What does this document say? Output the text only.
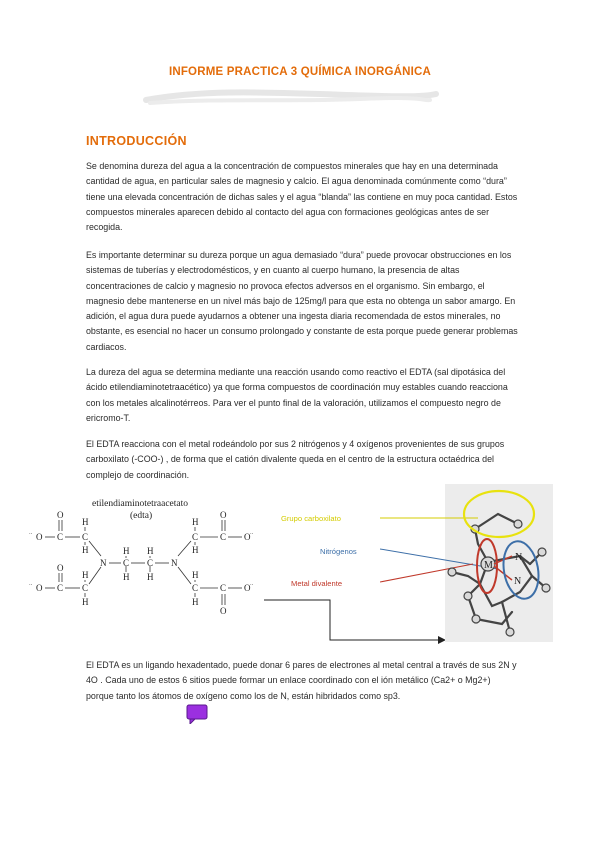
INFORME PRACTICA 3 QUÍMICA INORGÁNICA
INTRODUCCIÓN

Se denomina dureza del agua a la concentración de compuestos minerales que hay en una determinada cantidad de agua, en particular sales de magnesio y calcio. El agua denominada comúnmente como “dura” tiene una elevada concentración de dichas sales y el agua “blanda” las contiene en muy poca cantidad. Estos compuestos minerales aparecen debido al contacto del agua con formaciones geológicas antes de ser recogida.

Es importante determinar su dureza porque un agua demasiado “dura” puede provocar obstrucciones en los sistemas de tuberías y electrodomésticos, y en cuanto al cuerpo humano, la presencia de altas concentraciones de calcio y magnesio no provoca efectos adversos en el organismo. Sin embargo, el magnesio debe mantenerse en un nivel más bajo de 125mg/l para que esta no obtenga un sabor amargo. En adición, el agua dura puede ayudarnos a obtener una ingesta diaria recomendada de estos minerales, no obstante, es esencial no hacer un consumo prolongado y constante de esta porque puede generar problemas cardiacos.

La dureza del agua se determina mediante una reacción usando como reactivo el EDTA (sal dipotásica del ácido etilendiaminotetraacético) ya que forma compuestos de coordinación muy estables cuando reacciona con los metales alcalinotérreos. Para ver el punto final de la valoración, utilizamos el compuesto negro de ericromo-T.

El EDTA reacciona con el metal rodeándolo por sus 2 nitrógenos y 4 oxígenos provenientes de sus grupos carboxilato (-COO-) , de forma que el catión divalente queda en el centro de la estructura octaédrica del complejo de coordinación.

etilendiaminotetraacetato
(edta)
O
O C C
H
H
O
O C C
H
H
N C C N
H H
H H
O
C C O
H
H
C C O
O
H
H
..
..
..
..
Grupo carboxilato
Nitrógenos
Metal divalente
M
N
N

El EDTA es un ligando hexadentado, puede donar 6 pares de electrones al metal central a través de sus 2N y 4O . Cada uno de estos 6 sitios puede formar un enlace coordinado con el ión metálico (Ca2+ o Mg2+) porque tanto los átomos de oxígeno como los de N, están hibridados como sp3.
